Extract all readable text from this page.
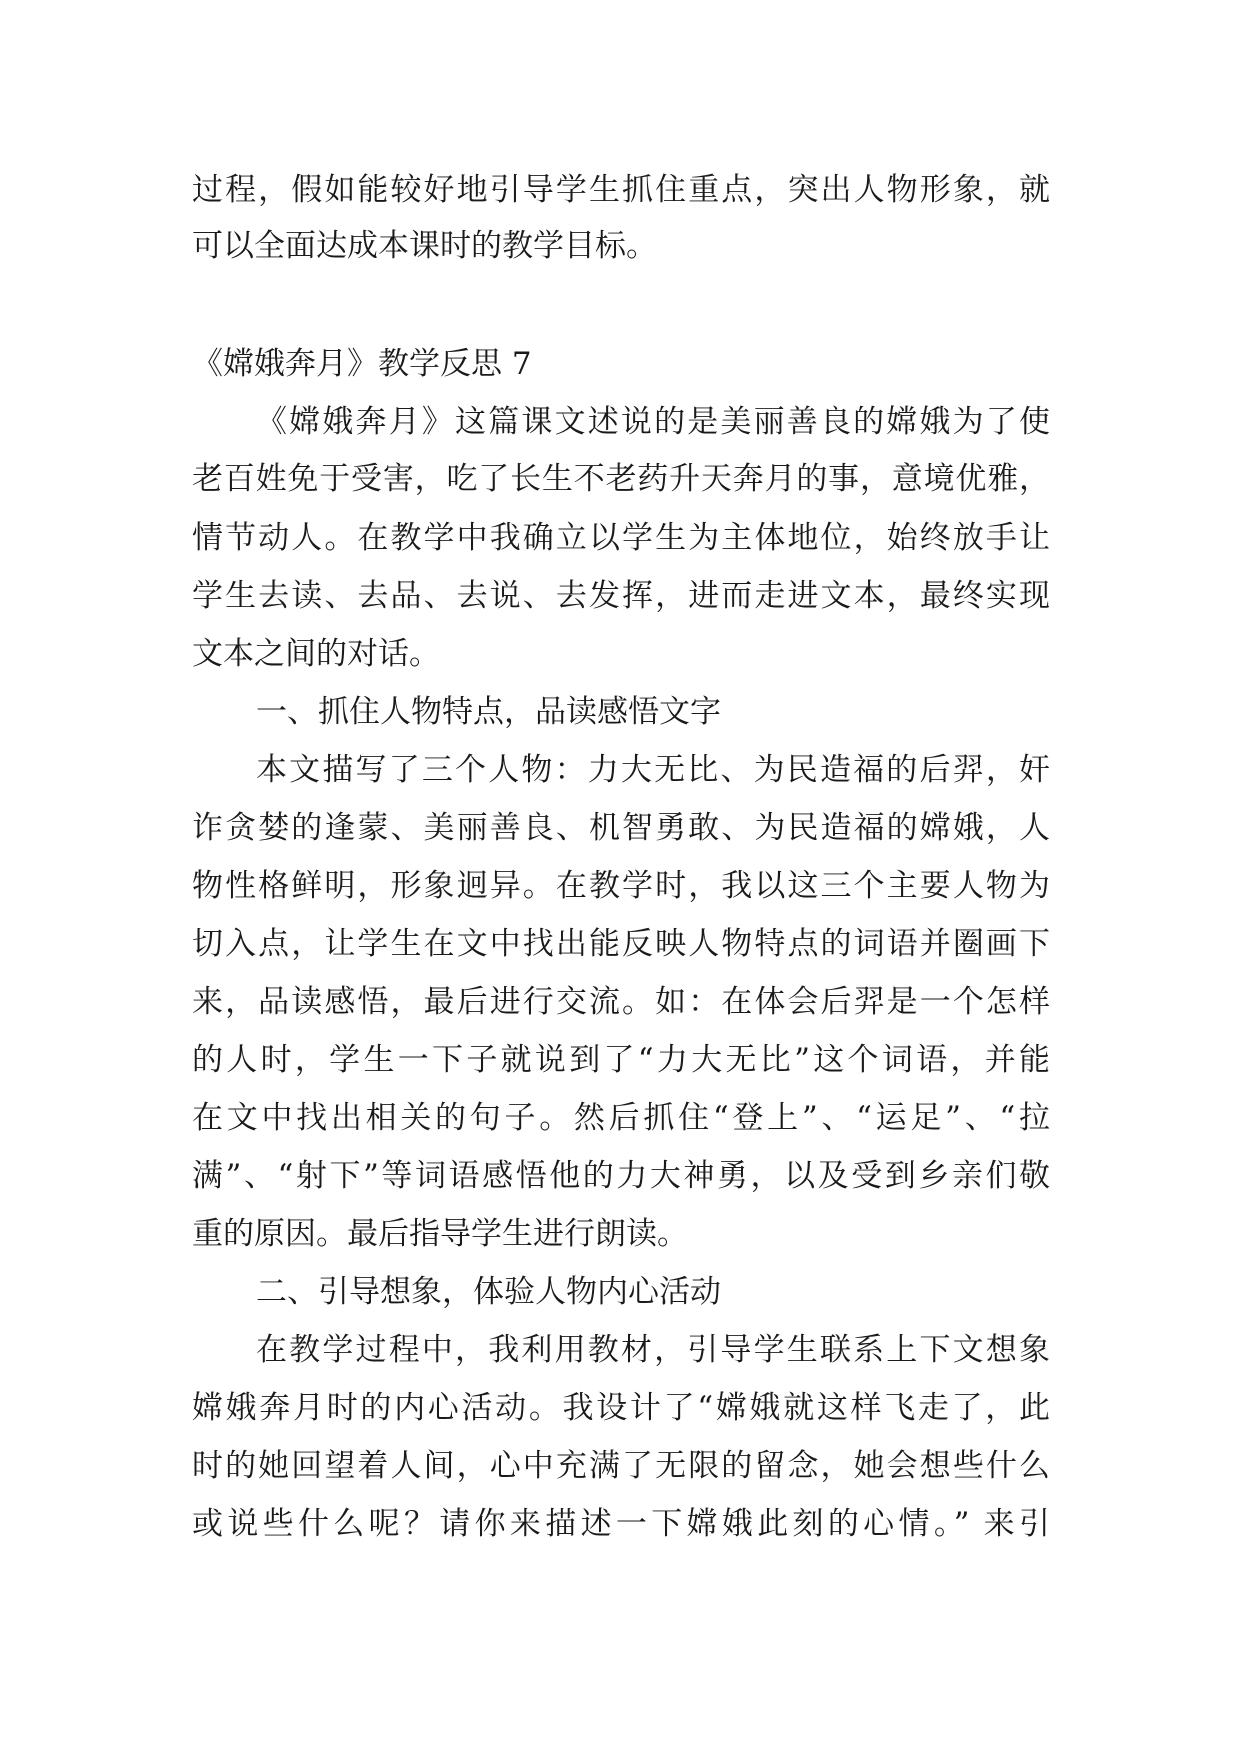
过程，假如能较好地引导学生抓住重点，突出人物形象，就
可以全面达成本课时的教学目标。
《嫦娥奔月》教学反思 7
《嫦娥奔月》这篇课文述说的是美丽善良的嫦娥为了使
老百姓免于受害，吃了长生不老药升天奔月的事，意境优雅，
情节动人。在教学中我确立以学生为主体地位，始终放手让
学生去读、去品、去说、去发挥，进而走进文本，最终实现
文本之间的对话。
一、抓住人物特点，品读感悟文字
本文描写了三个人物：力大无比、为民造福的后羿，奸
诈贪婪的逢蒙、美丽善良、机智勇敢、为民造福的嫦娥，人
物性格鲜明，形象迥异。在教学时，我以这三个主要人物为
切入点，让学生在文中找出能反映人物特点的词语并圈画下
来，品读感悟，最后进行交流。如：在体会后羿是一个怎样
的人时，学生一下子就说到了“力大无比”这个词语，并能
在文中找出相关的句子。然后抓住“登上”、“运足”、“拉
满”、“射下”等词语感悟他的力大神勇，以及受到乡亲们敬
重的原因。最后指导学生进行朗读。
二、引导想象，体验人物内心活动
在教学过程中，我利用教材，引导学生联系上下文想象
嫦娥奔月时的内心活动。我设计了“嫦娥就这样飞走了，此
时的她回望着人间，心中充满了无限的留念，她会想些什么
或说些什么呢？请你来描述一下嫦娥此刻的心情。” 来引
